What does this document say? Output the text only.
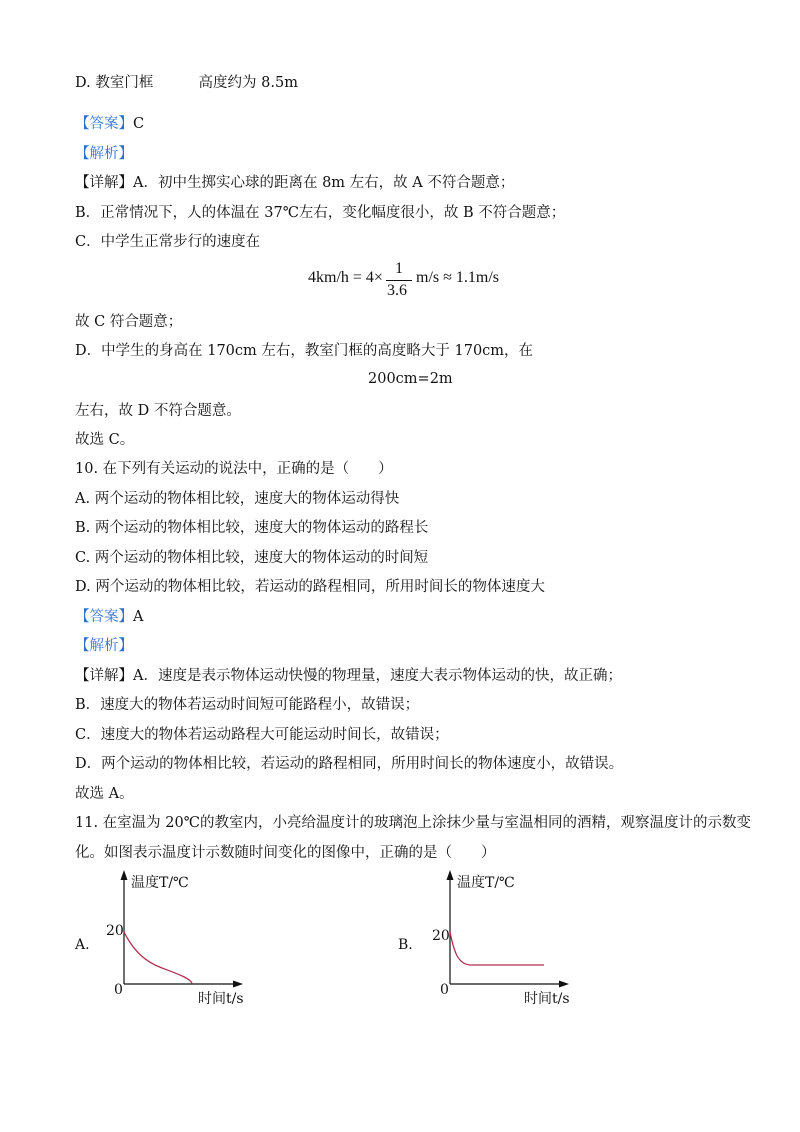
D. 教室门框	高度约为 8.5m
【答案】C
【解析】
【详解】A．初中生掷实心球的距离在 8m 左右，故 A 不符合题意；
B．正常情况下，人的体温在 37℃左右，变化幅度很小，故 B 不符合题意；
C．中学生正常步行的速度在
4km/h = 4×
1
3.6
m/s ≈ 1.1m/s
故 C 符合题意；
D．中学生的身高在 170cm 左右，教室门框的高度略大于 170cm，在
200cm=2m
左右，故 D 不符合题意。
故选 C。
10. 在下列有关运动的说法中，正确的是（　　）
A. 两个运动的物体相比较，速度大的物体运动得快
B. 两个运动的物体相比较，速度大的物体运动的路程长
C. 两个运动的物体相比较，速度大的物体运动的时间短
D. 两个运动的物体相比较，若运动的路程相同，所用时间长的物体速度大
【答案】A
【解析】
【详解】A．速度是表示物体运动快慢的物理量，速度大表示物体运动的快，故正确；
B．速度大的物体若运动时间短可能路程小，故错误；
C．速度大的物体若运动路程大可能运动时间长，故错误；
D．两个运动的物体相比较，若运动的路程相同，所用时间长的物体速度小，故错误。
故选 A。
11. 在室温为 20℃的教室内，小亮给温度计的玻璃泡上涂抹少量与室温相同的酒精，观察温度计的示数变
化。如图表示温度计示数随时间变化的图像中，正确的是（　　）
A.
温度T/℃
20
0
时间t/s
B.
温度T/℃
20
0
时间t/s
